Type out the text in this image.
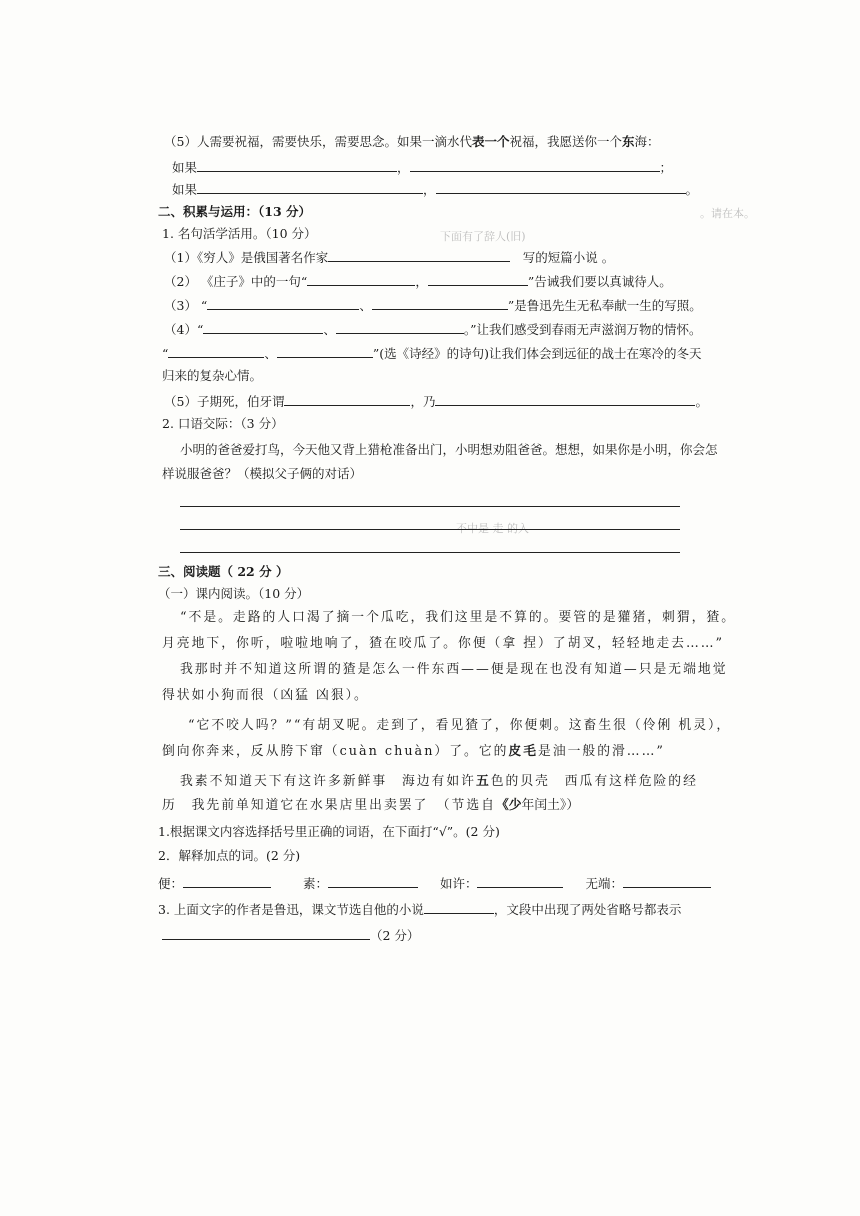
下面有了辞人(旧)
。请在本。
不中是 走 的入
（5）人需要祝福，需要快乐，需要思念。如果一滴水代表一个祝福，我愿送你一个东海：
如果	，	；
如果	，	。
二、积累与运用：（13 分）
1. 名句活学活用。（10 分）
（1）《穷人》是俄国著名作家　	写的短篇小说 。
（2） 《庄子》中的一句“	，	”告诫我们要以真诚待人。
（3） “	、	”是鲁迅先生无私奉献一生的写照。
（4）“	、	。”让我们感受到春雨无声滋润万物的情怀。
“	、	”(选《诗经》的诗句)让我们体会到远征的战士在寒冷的冬天
归来的复杂心情。
（5）子期死，伯牙谓	，乃	。
2. 口语交际：（3 分）
小明的爸爸爱打鸟，今天他又背上猎枪准备出门，小明想劝阻爸爸。想想，如果你是小明，你会怎
样说服爸爸？（模拟父子俩的对话）
三、阅读题（ 22 分 ）
（一）课内阅读。（10 分）
“不是。走路的人口渴了摘一个瓜吃，我们这里是不算的。要管的是獾猪，刺猬，猹。
月亮地下，你听，啦啦地响了，猹在咬瓜了。你便（拿 捏）了胡叉，轻轻地走去……”
我那时并不知道这所谓的猹是怎么一件东西——便是现在也没有知道—只是无端地觉
得状如小狗而很（凶猛 凶狠）。
“它不咬人吗？”“有胡叉呢。走到了，看见猹了，你便刺。这畜生很（伶俐 机灵），
倒向你奔来，反从胯下窜（cuàn chuàn）了。它的皮毛是油一般的滑……”
我素不知道天下有这许多新鲜事　海边有如许五色的贝壳　西瓜有这样危险的经
历　我先前单知道它在水果店里出卖罢了　（节选自《少年闰土》）
1.根据课文内容选择括号里正确的词语，在下面打“√”。(2 分)
2．解释加点的词。(2 分)
便：	素：	如许：	无端：
3. 上面文字的作者是鲁迅，课文节选自他的小说	，文段中出现了两处省略号都表示
（2 分）
